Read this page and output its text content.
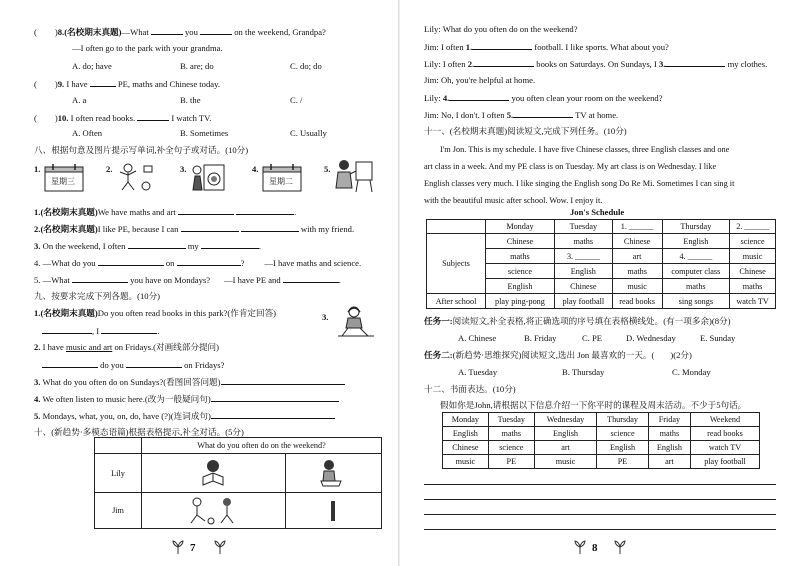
( )8.(名校期末真题)—What	you	on the weekend, Grandpa?
—I often go to the park with your grandma.
A. do; have	B. are; do	C. do; do
( )9. I have	PE, maths and Chinese today.
A. a	B. the	C. /
( )10. I often read books.	I watch TV.
A. Often	B. Sometimes	C. Usually
八、根据句意及图片提示写单词,补全句子或对话。(10分)
1.
星期三
2.	3.	4.
星期二
5.
1.(名校期末真题)We have maths and art	.
2.(名校期末真题)I like PE, because I can	with my friend.
3. On the weekend, I often	my	.
4. —What do you	on	? —I have maths and science.
5. —What	you have on Mondays? —I have PE and	.
九、按要求完成下列各题。(10分)
1.(名校期末真题)Do you often read books in this park?(作肯定回答)
, I	.
3.
2. I have music and art on Fridays.(对画线部分提问)
do you	on Fridays?
3. What do you often do on Sundays?(看图回答问题)
4. We often listen to music here.(改为一般疑问句)
5. Mondays, what, you, on, do, have (?)(连词成句)
十、(新趋势·多模态语篇)根据表格提示,补全对话。(5分)
	What do you often do on the weekend?	
Lily		
Jim		
7
Lily: What do you often do on the weekend?
Jim: I often 1.	football. I like sports. What about you?
Lily: I often 2.	books on Saturdays. On Sundays, I 3.	my clothes.
Jim: Oh, you're helpful at home.
Lily: 4.	you often clean your room on the weekend?
Jim: No, I don't. I often 5.	TV at home.
十一、(名校期末真题)阅读短文,完成下列任务。(10分)
I'm Jon. This is my schedule. I have five Chinese classes, three English classes and one
art class in a week. And my PE class is on Tuesday. My art class is on Wednesday. I like
English classes very much. I like singing the English song Do Re Mi. Sometimes I can sing it
with the beautiful music after school. Wow. I enjoy it.
Jon's Schedule
	Monday	Tuesday	1. ______	Thursday	2. ______
Subjects	Chinese	maths	Chinese	English	science
	maths	3. ______	art	4. ______	music
	science	English	maths	computer class	Chinese
	English	Chinese	music	maths	maths
After school	play ping-pong	play football	read books	sing songs	watch TV
任务一:阅读短文,补全表格,将正确选项的序号填在表格横线处。(有一项多余)(8分)
A. Chinese	B. Friday	C. PE	D. Wednesday	E. Sunday
任务二:(新趋势·思维探究)阅读短文,选出 Jon 最喜欢的一天。( )(2分)
A. Tuesday	B. Thursday	C. Monday
十二、书面表达。(10分)
假如你是John,请根据以下信息介绍一下你平时的课程及周末活动。不少于5句话。
Monday	Tuesday	Wednesday	Thursday	Friday	Weekend
English	maths	English	science	maths	read books
Chinese	science	art	English	English	watch TV
music	PE	music	PE	art	play football
8
